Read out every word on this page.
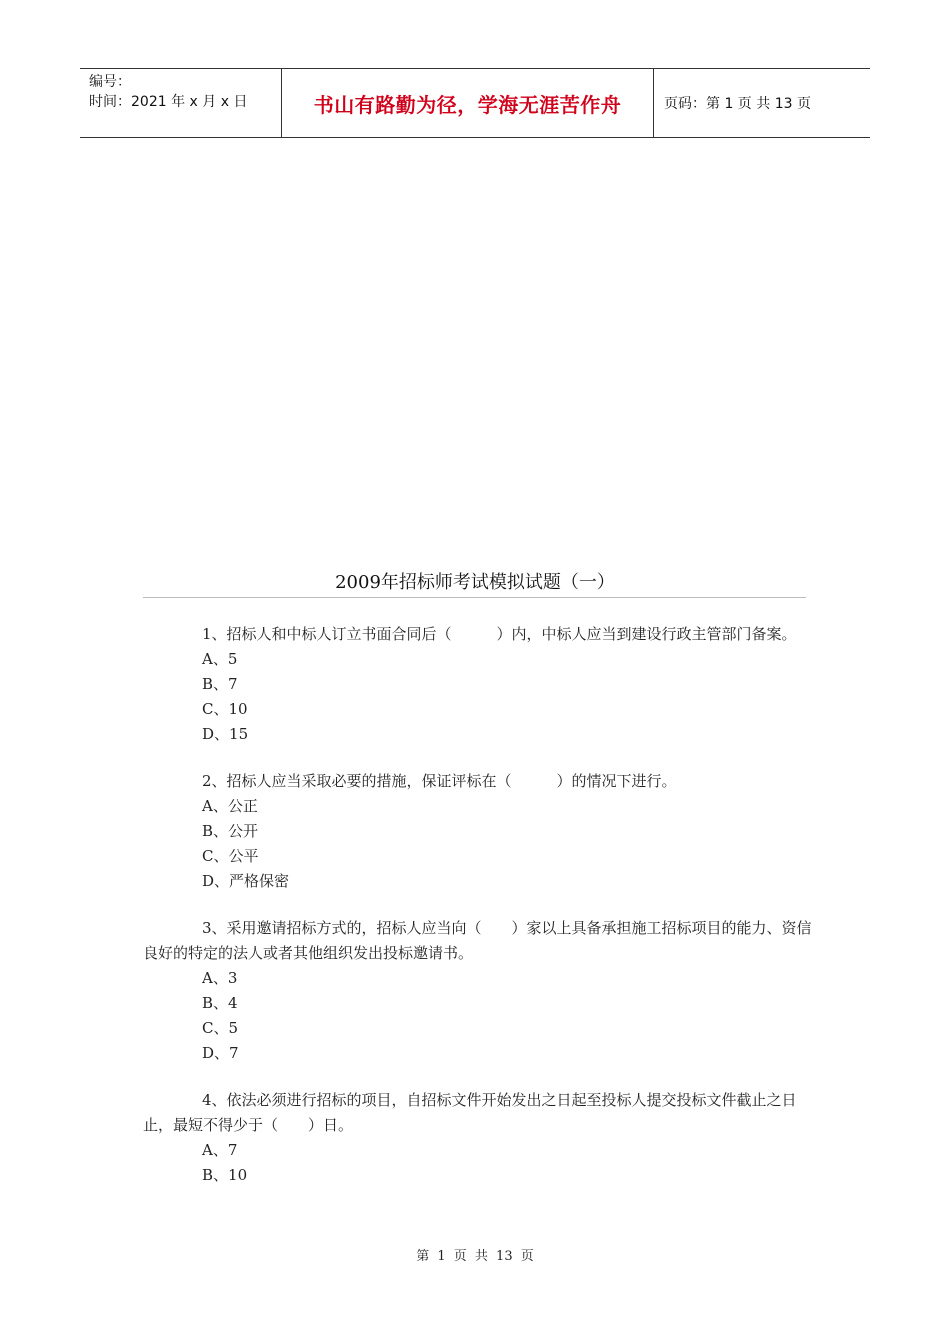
编号：
时间：2021 年 x 月 x 日	书山有路勤为径，学海无涯苦作舟	页码：第 1 页 共 13 页
2009年招标师考试模拟试题（一）

1、招标人和中标人订立书面合同后（　　　）内，中标人应当到建设行政主管部门备案。

A、5

B、7

C、10

D、15

2、招标人应当采取必要的措施，保证评标在（　　　）的情况下进行。

A、公正

B、公开

C、公平

D、严格保密

3、采用邀请招标方式的，招标人应当向（　　）家以上具备承担施工招标项目的能力、资信良好的特定的法人或者其他组织发出投标邀请书。

A、3

B、4

C、5

D、7

4、依法必须进行招标的项目，自招标文件开始发出之日起至投标人提交投标文件截止之日止，最短不得少于（　　）日。

A、7

B、10

第 1 页 共 13 页
